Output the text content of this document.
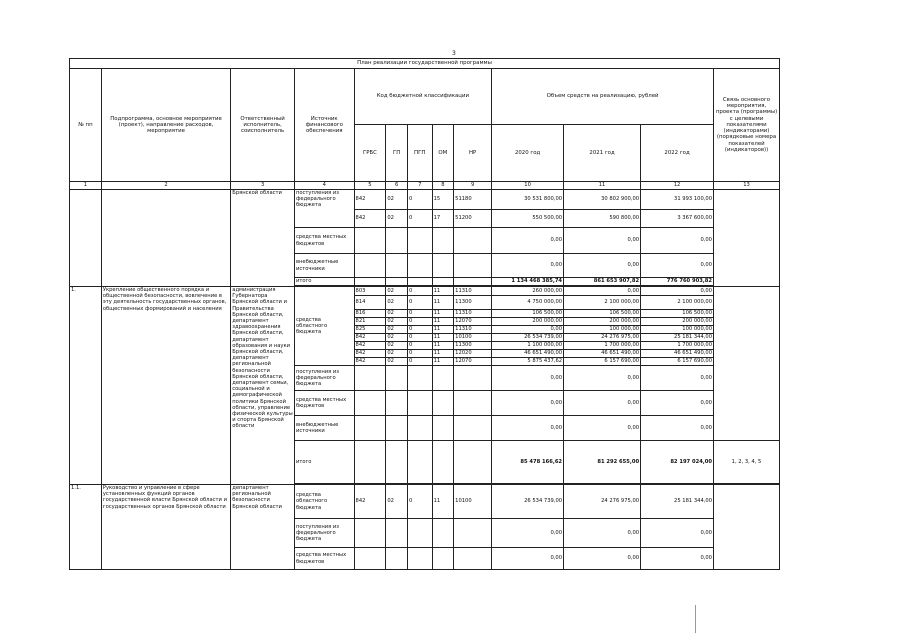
3
План реализации государственной программы												
№ пп	Подпрограмма, основное мероприятие (проект), направление расходов, мероприятие	Ответственный исполнитель, соисполнитель	Источник финансового обеспечения	Код бюджетной классификации					Объем средств на реализацию, рублей			Связь основного мероприятия, проекта (программы) с целевыми показателями (индикаторами) (порядковые номера показателей (индикаторов))
				ГРБС	ГП	ПГП	ОМ	НР	2020 год	2021 год	2022 год	
1	2	3	4	5	6	7	8	9	10	11	12	13
		Брянской области	поступления из федерального бюджета	842	02	0	15	51180	30 531 800,00	30 802 900,00	31 993 100,00	
				842	02	0	17	51200	550 500,00	590 800,00	3 367 600,00	
			средства местных бюджетов						0,00	0,00	0,00	
			внебюджетные источники						0,00	0,00	0,00	
			итого						1 134 468 385,74	861 653 907,82	776 760 903,82	

1.	Укрепление общественного порядка и общественной безопасности, вовлечение в эту деятельность государственных органов, общественных формирований и населения	администрация Губернатора Брянской области и Правительства Брянской области, департамент здравоохранения Брянской области, департамент образования и науки Брянской области, департамент региональной безопасности Брянской области, департамент семьи, социальной и демографической политики Брянской области, управление физической культуры и спорта Брянской области	средства областного бюджета	803	02	0	11	11310	260 000,00	0,00	0,00	
				814	02	0	11	11300	4 750 000,00	2 100 000,00	2 100 000,00	
				816	02	0	11	11310	106 500,00	106 500,00	106 500,00	
				821	02	0	11	12070	200 000,00	200 000,00	200 000,00	
				825	02	0	11	11310	0,00	100 000,00	100 000,00	
				842	02	0	11	10100	26 534 739,00	24 276 975,00	25 181 344,00	
				842	02	0	11	11300	1 100 000,00	1 700 000,00	1 700 000,00	
				842	02	0	11	12020	46 651 490,00	46 651 490,00	46 651 490,00	
				842	02	0	11	12070	5 875 437,62	6 157 690,00	6 157 690,00	
			поступления из федерального бюджета						0,00	0,00	0,00	
			средства местных бюджетов						0,00	0,00	0,00	
			внебюджетные источники						0,00	0,00	0,00	
			итого						85 478 166,62	81 292 655,00	82 197 024,00	1, 2, 3, 4, 5

1.1.	Руководство и управление в сфере установленных функций органов государственной власти Брянской области и государственных органов Брянской области	департамент региональной безопасности Брянской области	средства областного бюджета	842	02	0	11	10100	26 534 739,00	24 276 975,00	25 181 344,00	
			поступления из федерального бюджета						0,00	0,00	0,00	
			средства местных бюджетов						0,00	0,00	0,00	
